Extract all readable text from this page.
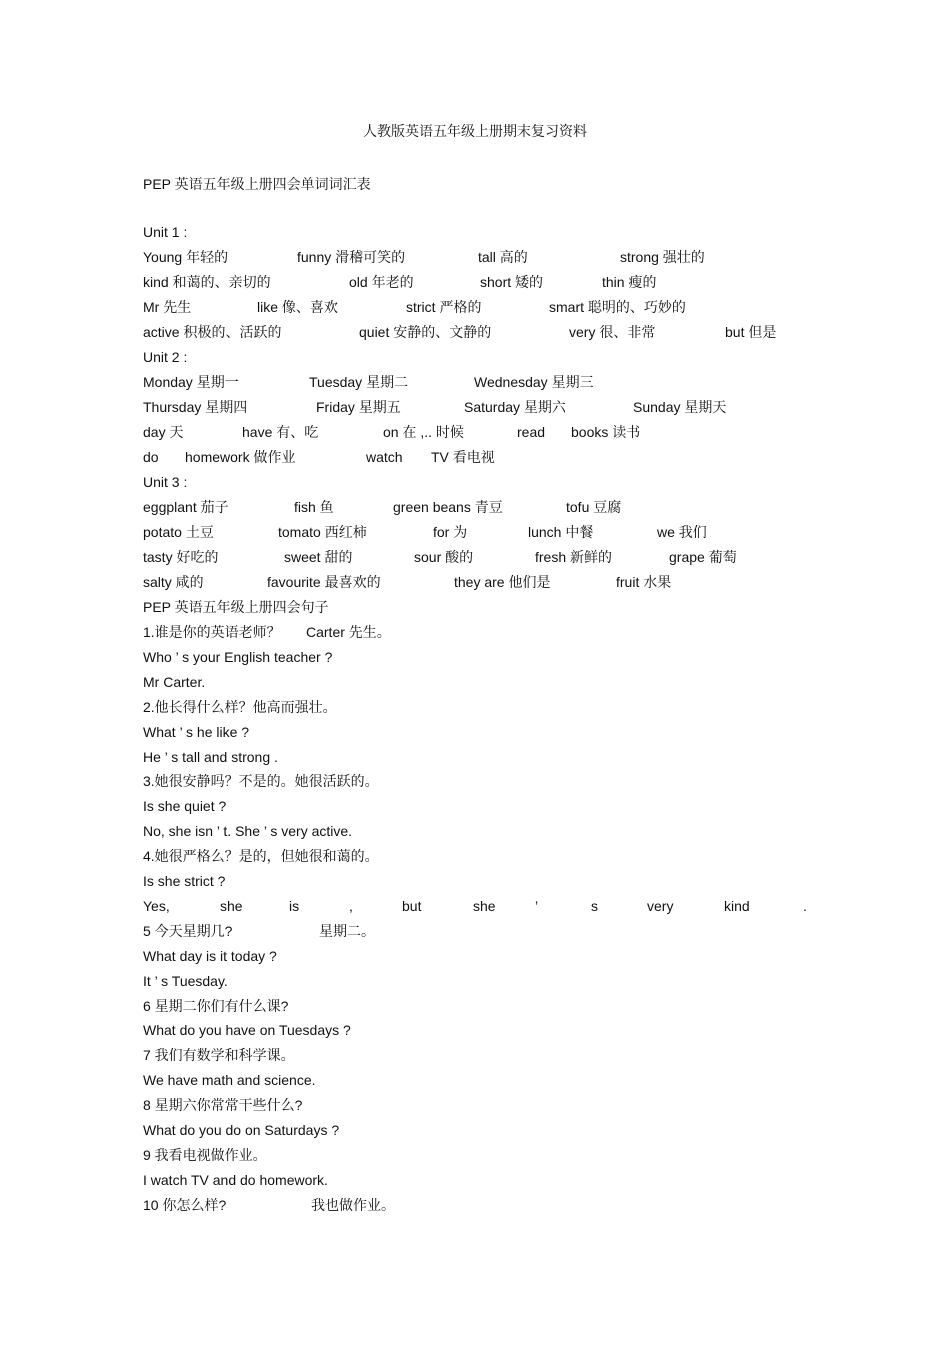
人教版英语五年级上册期末复习资料
PEP 英语五年级上册四会单词词汇表
Unit 1 :
Young 年轻的	funny 滑稽可笑的	tall 高的	strong 强壮的
kind 和蔼的、亲切的	old 年老的	short 矮的	thin 瘦的
Mr 先生	like 像、喜欢	strict 严格的	smart 聪明的、巧妙的
active 积极的、活跃的	quiet 安静的、文静的	very 很、非常	but 但是
Unit 2 :
Monday 星期一	Tuesday 星期二	Wednesday 星期三
Thursday 星期四	Friday 星期五	Saturday 星期六	Sunday 星期天
day 天	have 有、吃	on 在 ,.. 时候	read books 读书
do homework 做作业	watch TV 看电视
Unit 3 :
eggplant 茄子	fish 鱼	green beans 青豆	tofu 豆腐
potato 土豆	tomato 西红柿	for 为	lunch 中餐	we 我们
tasty 好吃的	sweet 甜的	sour 酸的	fresh 新鲜的	grape 葡萄
salty 咸的	favourite 最喜欢的	they are 他们是	fruit 水果
PEP 英语五年级上册四会句子
1.谁是你的英语老师？ Carter 先生。
Who ’ s your English teacher ?
Mr Carter.
2.他长得什么样？他高而强壮。
What ’ s he like ?
He ’ s tall and strong .
3.她很安静吗？不是的。她很活跃的。
Is she quiet ?
No, she isn ’ t. She ’ s very active.
4.她很严格么？是的，但她很和蔼的。
Is she strict ?
Yes,	she	is	,	but	she	’	s	very	kind	.
5 今天星期几?	星期二。
What day is it today ?
It ’ s Tuesday.
6 星期二你们有什么课?
What do you have on Tuesdays ?
7 我们有数学和科学课。
We have math and science.
8 星期六你常常干些什么?
What do you do on Saturdays ?
9 我看电视做作业。
I watch TV and do homework.
10 你怎么样?	我也做作业。
